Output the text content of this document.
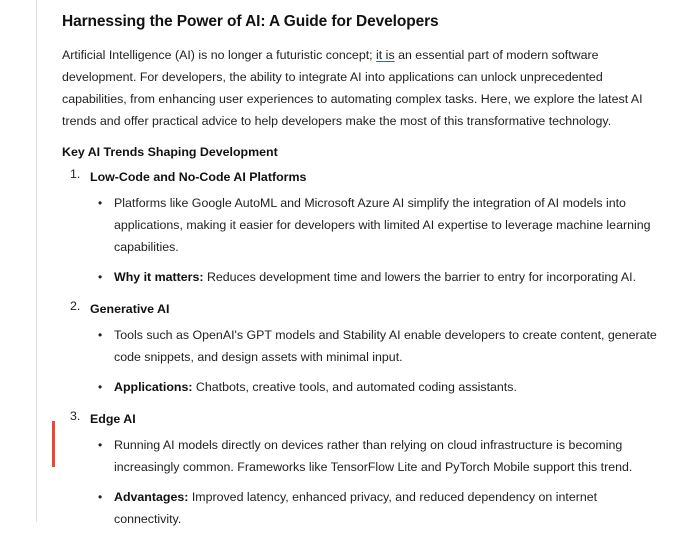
Harnessing the Power of AI: A Guide for Developers

Artificial Intelligence (AI) is no longer a futuristic concept; it is an essential part of modern software development. For developers, the ability to integrate AI into applications can unlock unprecedented capabilities, from enhancing user experiences to automating complex tasks. Here, we explore the latest AI trends and offer practical advice to help developers make the most of this transformative technology.

Key AI Trends Shaping Development
Low-Code and No-Code AI Platforms
• Platforms like Google AutoML and Microsoft Azure AI simplify the integration of AI models into applications, making it easier for developers with limited AI expertise to leverage machine learning capabilities.
• Why it matters: Reduces development time and lowers the barrier to entry for incorporating AI.
Generative AI
• Tools such as OpenAI's GPT models and Stability AI enable developers to create content, generate code snippets, and design assets with minimal input.
• Applications: Chatbots, creative tools, and automated coding assistants.
Edge AI
• Running AI models directly on devices rather than relying on cloud infrastructure is becoming increasingly common. Frameworks like TensorFlow Lite and PyTorch Mobile support this trend.
• Advantages: Improved latency, enhanced privacy, and reduced dependency on internet connectivity.
